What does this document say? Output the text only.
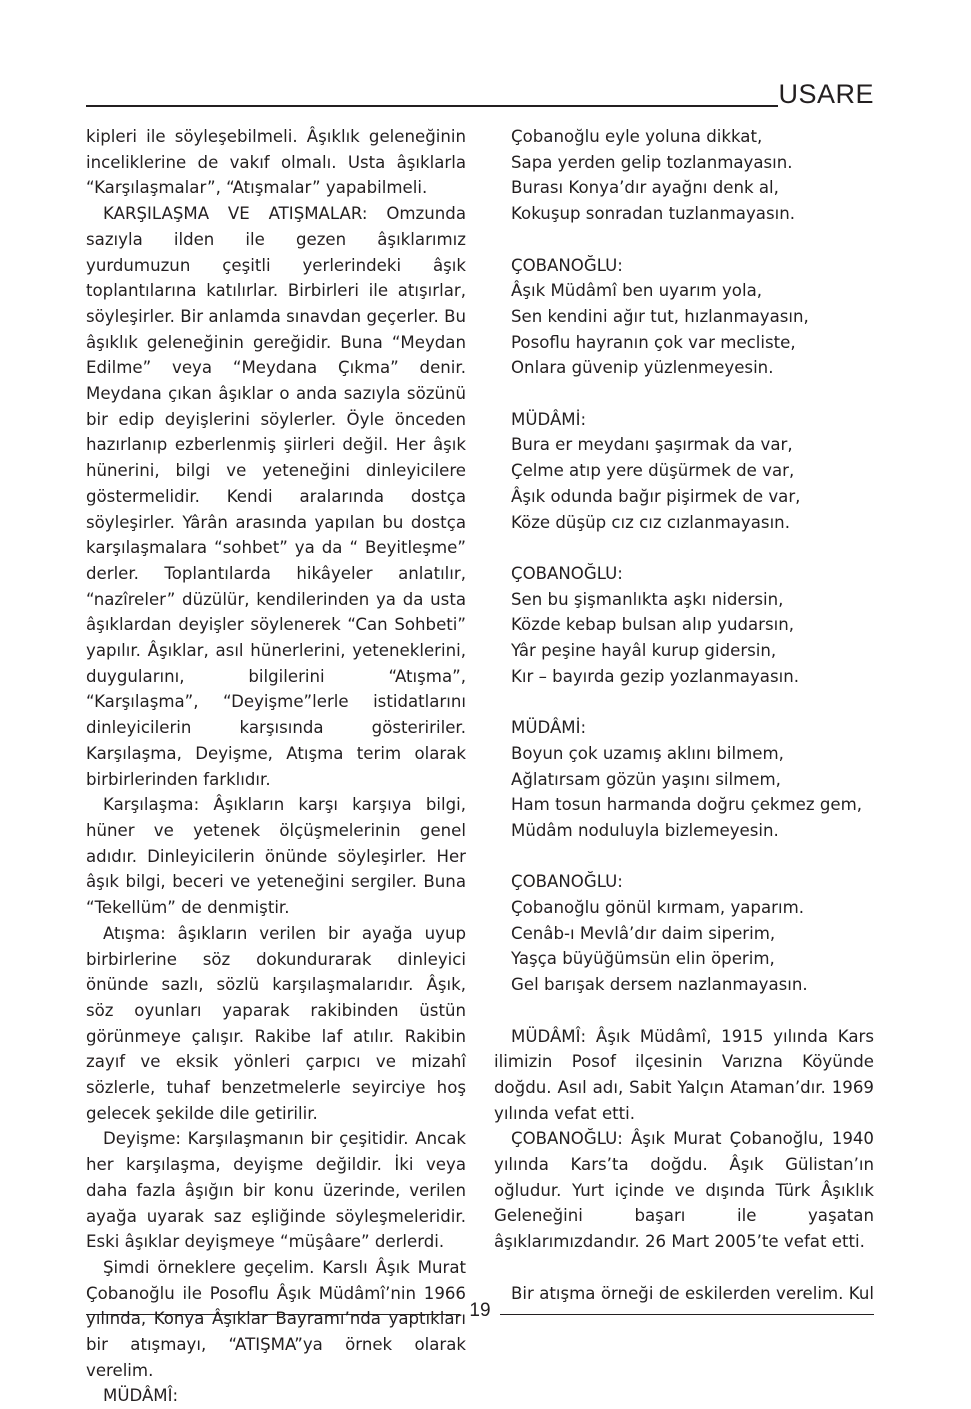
USARE

kipleri ile söyleşebilmeli. Âşıklık geleneğinin inceliklerine de vakıf olmalı. Usta âşıklarla “Karşılaşmalar”, “Atışmalar” yapabilmeli.

KARŞILAŞMA VE ATIŞMALAR: Omzunda sazıyla ilden ile gezen âşıklarımız yurdumuzun çeşitli yerlerindeki âşık toplantılarına katılırlar. Birbirleri ile atışırlar, söyleşirler. Bir anlamda sınavdan geçerler. Bu âşıklık geleneğinin gereğidir. Buna “Meydan Edilme” veya “Meydana Çıkma” denir. Meydana çıkan âşıklar o anda sazıyla sözünü bir edip deyişlerini söylerler. Öyle önceden hazırlanıp ezberlenmiş şiirleri değil. Her âşık hünerini, bilgi ve yeteneğini dinleyicilere göstermelidir. Kendi aralarında dostça söyleşirler. Yârân arasında yapılan bu dostça karşılaşmalara “sohbet” ya da “ Beyitleşme” derler. Toplantılarda hikâyeler anlatılır, “nazîreler” düzülür, kendilerinden ya da usta âşıklardan deyişler söylenerek “Can Sohbeti” yapılır. Âşıklar, asıl hünerlerini, yeteneklerini, duygularını, bilgilerini “Atışma”, “Karşılaşma”, “Deyişme”lerle istidatlarını dinleyicilerin karşısında gösteririler. Karşılaşma, Deyişme, Atışma terim olarak birbirlerinden farklıdır.

Karşılaşma: Âşıkların karşı karşıya bilgi, hüner ve yetenek ölçüşmelerinin genel adıdır. Dinleyicilerin önünde söyleşirler. Her âşık bilgi, beceri ve yeteneğini sergiler. Buna “Tekellüm” de denmiştir.

Atışma: âşıkların verilen bir ayağa uyup birbirlerine söz dokundurarak dinleyici önünde sazlı, sözlü karşılaşmalarıdır. Âşık, söz oyunları yaparak rakibinden üstün görünmeye çalışır. Rakibe laf atılır. Rakibin zayıf ve eksik yönleri çarpıcı ve mizahî sözlerle, tuhaf benzetmelerle seyirciye hoş gelecek şekilde dile getirilir.

Deyişme: Karşılaşmanın bir çeşitidir. Ancak her karşılaşma, deyişme değildir. İki veya daha fazla âşığın bir konu üzerinde, verilen ayağa uyarak saz eşliğinde söyleşmeleridir. Eski âşıklar deyişmeye “müşâare” derlerdi.

Şimdi örneklere geçelim. Karslı Âşık Murat Çobanoğlu ile Posoflu Âşık Müdâmî’nin 1966 yılında, Konya Âşıklar Bayramı’nda yaptıkları bir atışmayı, “ATIŞMA”ya örnek olarak verelim.

MÜDÂMÎ:

Çobanoğlu eyle yoluna dikkat,
Sapa yerden gelip tozlanmayasın.
Burası Konya’dır ayağnı denk al,
Kokuşup sonradan tuzlanmayasın.
ÇOBANOĞLU:
Âşık Müdâmî ben uyarım yola,
Sen kendini ağır tut, hızlanmayasın,
Posoflu hayranın çok var mecliste,
Onlara güvenip yüzlenmeyesin.
MÜDÂMİ:
Bura er meydanı şaşırmak da var,
Çelme atıp yere düşürmek de var,
Âşık odunda bağır pişirmek de var,
Köze düşüp cız cız cızlanmayasın.
ÇOBANOĞLU:
Sen bu şişmanlıkta aşkı nidersin,
Közde kebap bulsan alıp yudarsın,
Yâr peşine hayâl kurup gidersin,
Kır – bayırda gezip yozlanmayasın.
MÜDÂMİ:
Boyun çok uzamış aklını bilmem,
Ağlatırsam gözün yaşını silmem,
Ham tosun harmanda doğru çekmez gem,
Müdâm noduluyla bizlemeyesin.
ÇOBANOĞLU:
Çobanoğlu gönül kırmam, yaparım.
Cenâb-ı Mevlâ’dır daim siperim,
Yaşça büyüğümsün elin öperim,
Gel barışak dersem nazlanmayasın.

MÜDÂMÎ: Âşık Müdâmî, 1915 yılında Kars ilimizin Posof ilçesinin Varızna Köyünde doğdu. Asıl adı, Sabit Yalçın Ataman’dır. 1969 yılında vefat etti.

ÇOBANOĞLU: Âşık Murat Çobanoğlu, 1940 yılında Kars’ta doğdu. Âşık Gülistan’ın oğludur. Yurt içinde ve dışında Türk Âşıklık Geleneğini başarı ile yaşatan âşıklarımızdandır. 26 Mart 2005’te vefat etti.

Bir atışma örneği de eskilerden verelim. Kul

19
